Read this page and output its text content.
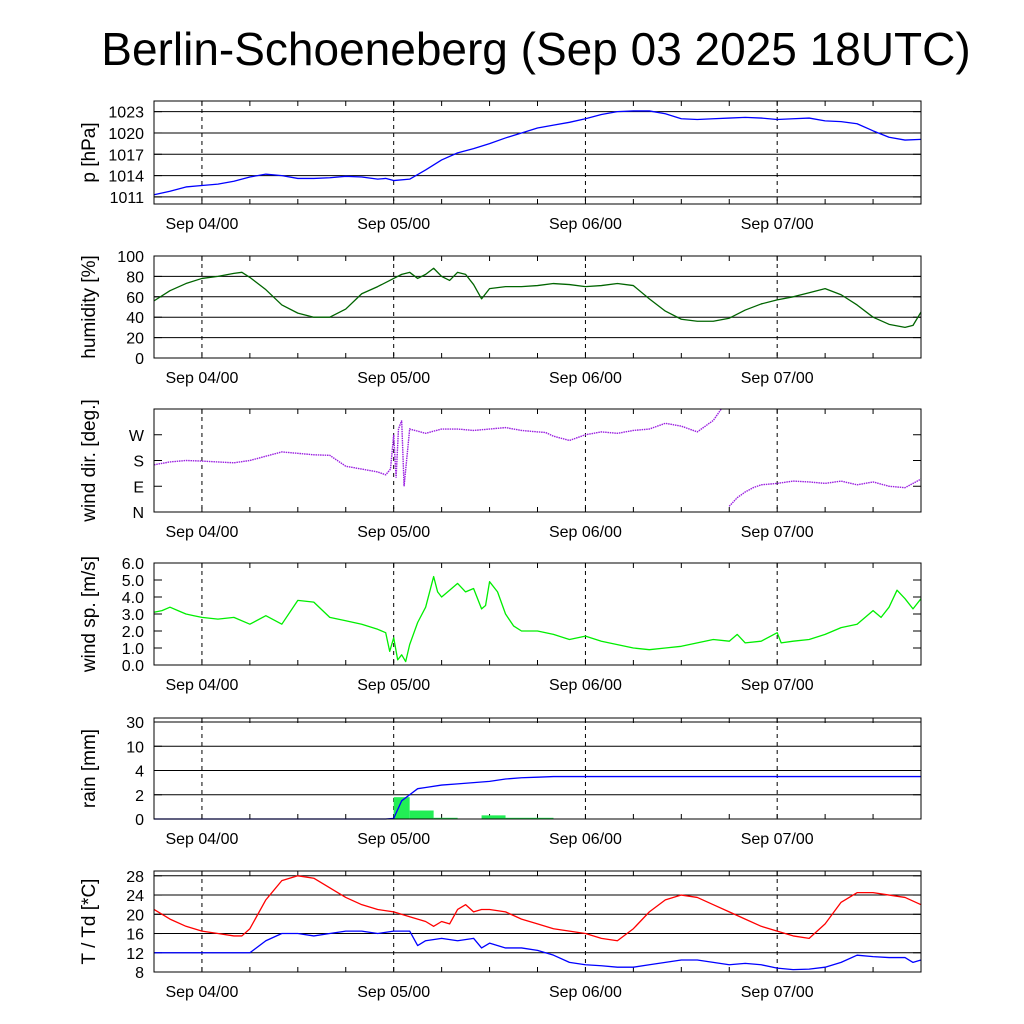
Berlin-Schoeneberg (Sep 03 2025 18UTC)
Sep 04/00	Sep 05/00	Sep 06/00	Sep 07/00
1011
1014
1017
1020
1023
p [hPa]
Sep 04/00	Sep 05/00	Sep 06/00	Sep 07/00
0
20
40
60
80
100
humidity [%]
Sep 04/00	Sep 05/00	Sep 06/00	Sep 07/00
N
E
S
W
wind dir. [deg.]
Sep 04/00	Sep 05/00	Sep 06/00	Sep 07/00
0.0
1.0
2.0
3.0
4.0
5.0
6.0
wind sp. [m/s]
Sep 04/00	Sep 05/00	Sep 06/00	Sep 07/00
0
2
4
10
30
rain [mm]
Sep 04/00	Sep 05/00	Sep 06/00	Sep 07/00
8
12
16
20
24
28
T / Td [*C]
